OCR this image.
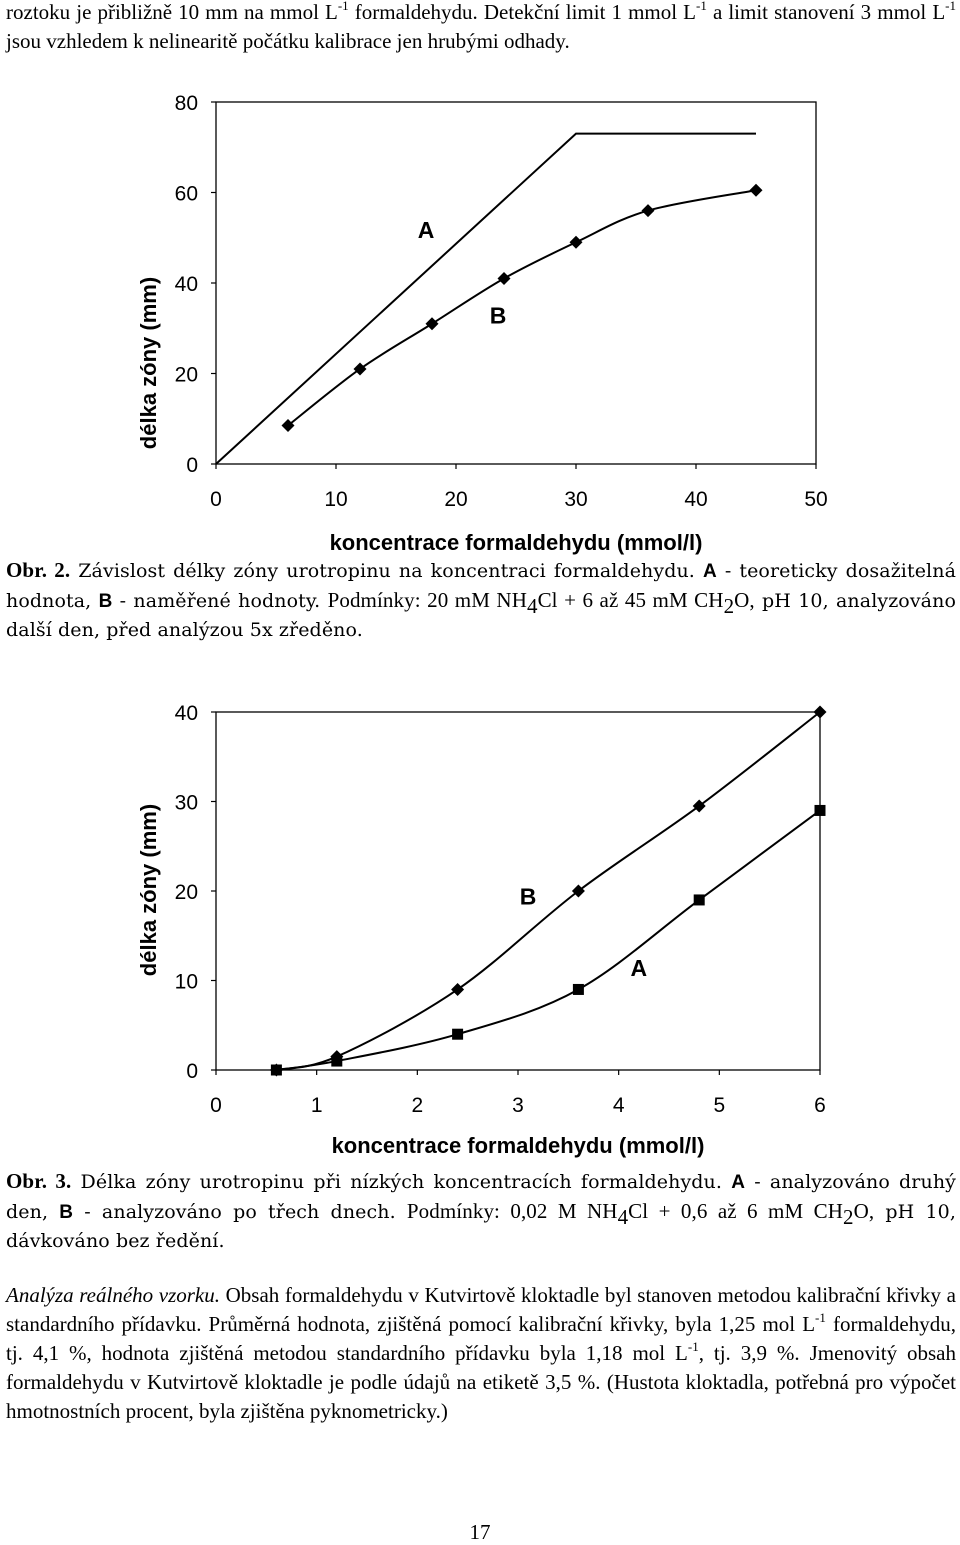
roztoku je přibližně 10 mm na mmol $L^{-1}$ formaldehydu. Detekční limit 1 mmol $L^{-1}$ a limit stanovení 3 mmol $L^{-1}$ jsou vzhledem k nelinearitě počátku kalibrace jen hrubými odhady.

0
20
40
60
80
0	10	20	30	40	50
A
B
délka zóny (mm)
koncentrace formaldehydu (mmol/l)

Obr. 2. Závislost délky zóny urotropinu na koncentraci formaldehydu. A - teoreticky dosažitelná hodnota, B - naměřené hodnoty. Podmínky: 20 mM $NH_4Cl + 6$ až 45 mM $CH_2O$, pH 10, analyzováno další den, před analýzou 5x zředěno.

0
10
20
30
40
0	1	2	3	4	5	6
B
A
délka zóny (mm)
koncentrace formaldehydu (mmol/l)

Obr. 3. Délka zóny urotropinu při nízkých koncentracích formaldehydu. A - analyzováno druhý den, B - analyzováno po třech dnech. Podmínky: 0,02 M $NH_4Cl + 0,6$ až 6 mM $CH_2O$, pH 10, dávkováno bez ředění.

Analýza reálného vzorku. Obsah formaldehydu v Kutvirtově kloktadle byl stanoven metodou kalibrační křivky a standardního přídavku. Průměrná hodnota, zjištěná pomocí kalibrační křivky, byla 1,25 mol $L^{-1}$ formaldehydu, tj. 4,1 %, hodnota zjištěná metodou standardního přídavku byla 1,18 mol $L^{-1}$, tj. 3,9 %. Jmenovitý obsah formaldehydu v Kutvirtově kloktadle je podle údajů na etiketě 3,5 %. (Hustota kloktadla, potřebná pro výpočet hmotnostních procent, byla zjištěna pyknometricky.)

17
